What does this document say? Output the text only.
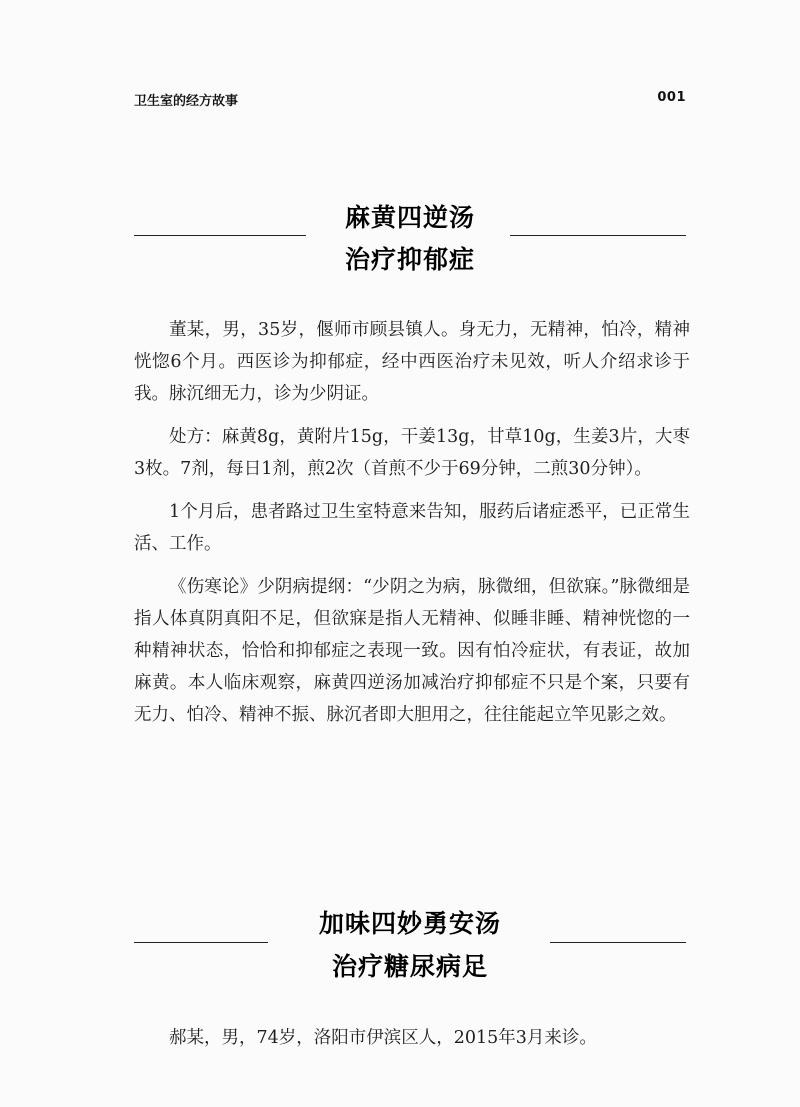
卫生室的经方故事	001
麻黄四逆汤
治疗抑郁症

董某，男，35岁，偃师市顾县镇人。身无力，无精神，怕冷，精神恍惚6个月。西医诊为抑郁症，经中西医治疗未见效，听人介绍求诊于我。脉沉细无力，诊为少阴证。

处方：麻黄8g，黄附片15g，干姜13g，甘草10g，生姜3片，大枣3枚。7剂，每日1剂，煎2次（首煎不少于69分钟，二煎30分钟）。

1个月后，患者路过卫生室特意来告知，服药后诸症悉平，已正常生活、工作。

《伤寒论》少阴病提纲：“少阴之为病，脉微细，但欲寐。”脉微细是指人体真阴真阳不足，但欲寐是指人无精神、似睡非睡、精神恍惚的一种精神状态，恰恰和抑郁症之表现一致。因有怕冷症状，有表证，故加麻黄。本人临床观察，麻黄四逆汤加减治疗抑郁症不只是个案，只要有无力、怕冷、精神不振、脉沉者即大胆用之，往往能起立竿见影之效。

加味四妙勇安汤
治疗糖尿病足

郝某，男，74岁，洛阳市伊滨区人，2015年3月来诊。
